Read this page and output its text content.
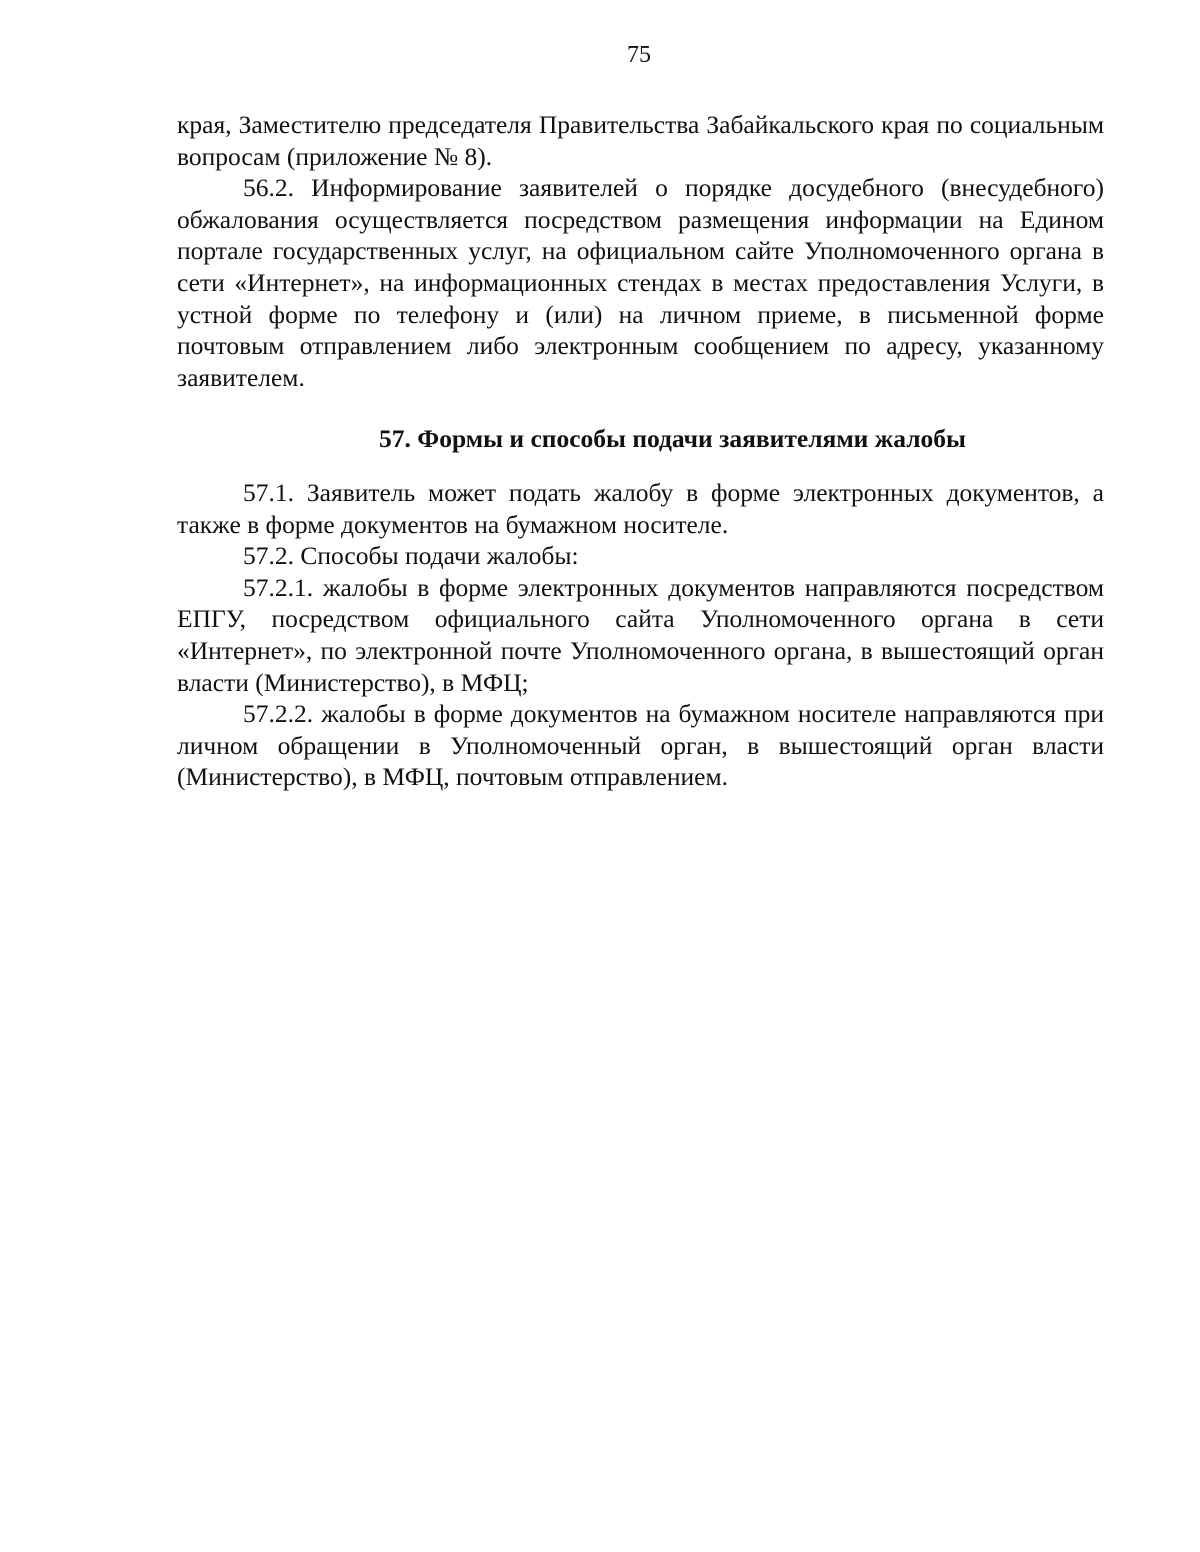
75

края, Заместителю председателя Правительства Забайкальского края по социальным вопросам (приложение № 8).

56.2. Информирование заявителей о порядке досудебного (внесудебного) обжалования осуществляется посредством размещения информации на Едином портале государственных услуг, на официальном сайте Уполномоченного органа в сети «Интернет», на информационных стендах в местах предоставления Услуги, в устной форме по телефону и (или) на личном приеме, в письменной форме почтовым отправлением либо электронным сообщением по адресу, указанному заявителем.

57. Формы и способы подачи заявителями жалобы

57.1. Заявитель может подать жалобу в форме электронных документов, а также в форме документов на бумажном носителе.

57.2. Способы подачи жалобы:

57.2.1. жалобы в форме электронных документов направляются посредством ЕПГУ, посредством официального сайта Уполномоченного органа в сети «Интернет», по электронной почте Уполномоченного органа, в вышестоящий орган власти (Министерство), в МФЦ;

57.2.2. жалобы в форме документов на бумажном носителе направляются при личном обращении в Уполномоченный орган, в вышестоящий орган власти (Министерство), в МФЦ, почтовым отправлением.
